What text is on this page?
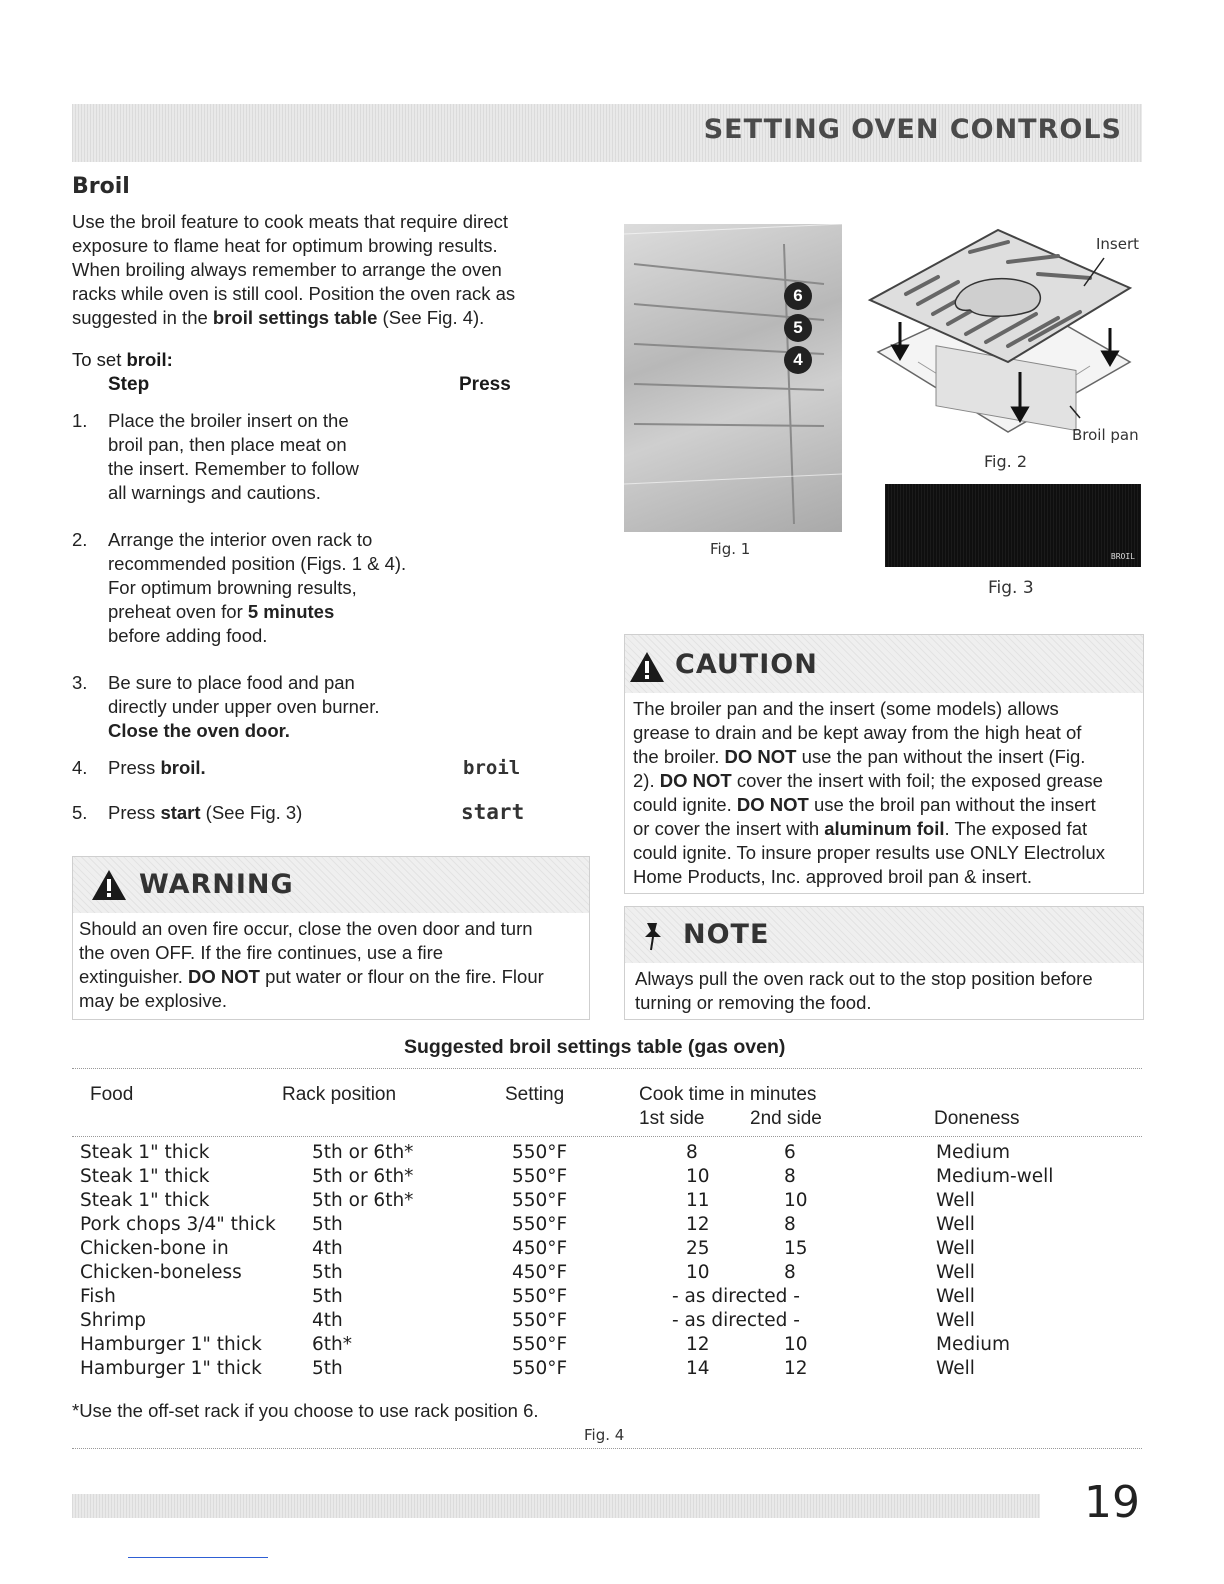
SETTING OVEN CONTROLS
Broil
Use the broil feature to cook meats that require direct
exposure to flame heat for optimum browing results.
When broiling always remember to arrange the oven
racks while oven is still cool. Position the oven rack as
suggested in the broil settings table (See Fig. 4).
To set broil:
Step	Press
1. Place the broiler insert on the
broil pan, then place meat on
the insert. Remember to follow
all warnings and cautions.
2. Arrange the interior oven rack to
recommended position (Figs. 1 & 4).
For optimum browning results,
preheat oven for 5 minutes
before adding food.
3. Be sure to place food and pan
directly under upper oven burner.
Close the oven door.
4. Press broil.	broil
5. Press start (See Fig. 3)	start
WARNING
Should an oven fire occur, close the oven door and turn
the oven OFF. If the fire continues, use a fire
extinguisher. DO NOT put water or flour on the fire. Flour
may be explosive.
6
5
4
Fig. 1
Insert
Broil pan
Fig. 2
BROIL
Fig. 3
CAUTION
The broiler pan and the insert (some models) allows
grease to drain and be kept away from the high heat of
the broiler. DO NOT use the pan without the insert (Fig.
2). DO NOT cover the insert with foil; the exposed grease
could ignite. DO NOT use the broil pan without the insert
or cover the insert with aluminum foil. The exposed fat
could ignite. To insure proper results use ONLY Electrolux
Home Products, Inc. approved broil pan & insert.
NOTE
Always pull the oven rack out to the stop position before
turning or removing the food.
Suggested broil settings table (gas oven)
Food	Rack position	Setting	Cook time in minutes
1st side 2nd side	Doneness
Steak 1" thick	5th or 6th*	550°F	8	6	Medium
Steak 1" thick	5th or 6th*	550°F	10	8	Medium-well
Steak 1" thick	5th or 6th*	550°F	11	10	Well
Pork chops 3/4" thick 5th	550°F	12	8	Well
Chicken-bone in	4th	450°F	25	15	Well
Chicken-boneless	5th	450°F	10	8	Well
Fish	5th	550°F	- as directed -	Well
Shrimp	4th	550°F	- as directed -	Well
Hamburger 1" thick	6th*	550°F	12	10	Medium
Hamburger 1" thick	5th	550°F	14	12	Well
*Use the off-set rack if you choose to use rack position 6.
Fig. 4
19
